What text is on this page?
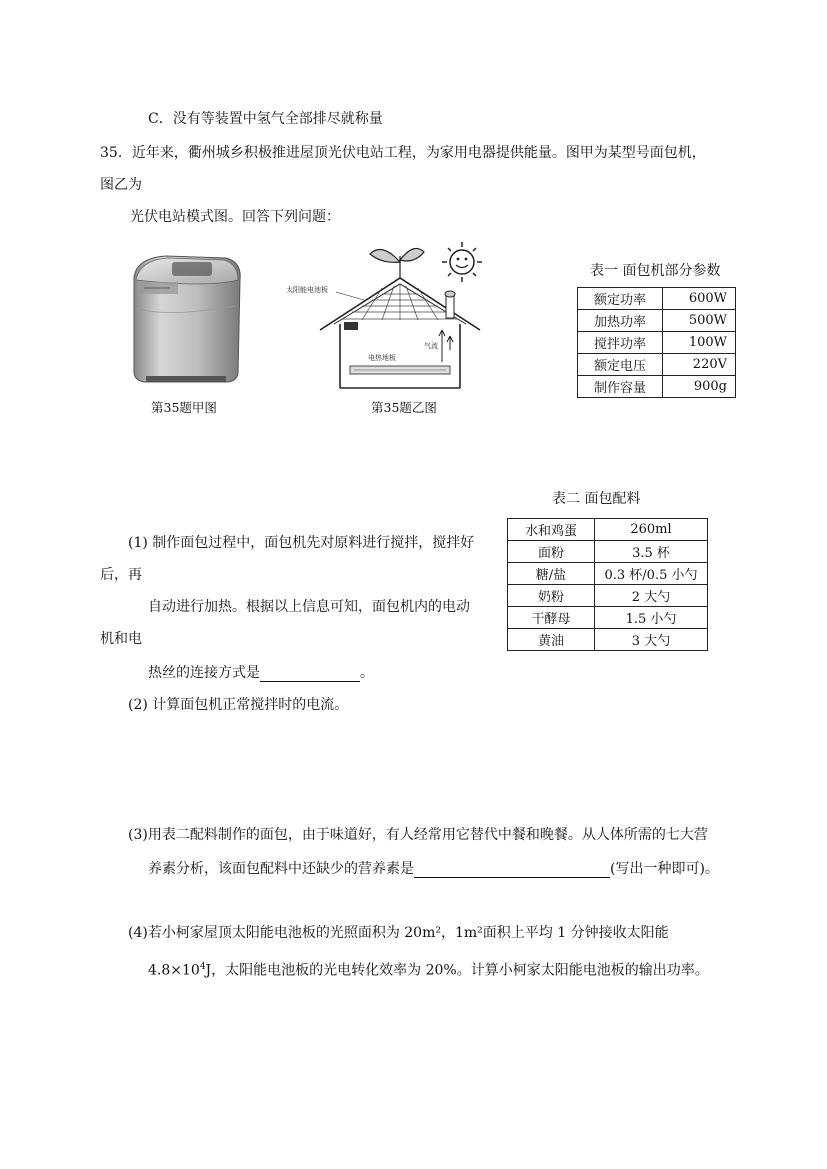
C．没有等装置中氢气全部排尽就称量
35．近年来，衢州城乡积极推进屋顶光伏电站工程，为家用电器提供能量。图甲为某型号面包机，
图乙为
光伏电站模式图。回答下列问题：
第35题甲图
太阳能电池板
电热地板
气流
第35题乙图
表一 面包机部分参数
额定功率	600W
加热功率	500W
搅拌功率	100W
额定电压	220V
制作容量	900g
表二 面包配料
水和鸡蛋	260ml
面粉	3.5 杯
糖/盐	0.3 杯/0.5 小勺
奶粉	2 大勺
干酵母	1.5 小勺
黄油	3 大勺
(1) 制作面包过程中，面包机先对原料进行搅拌，搅拌好
后，再
自动进行加热。根据以上信息可知，面包机内的电动
机和电
热丝的连接方式是	。
(2) 计算面包机正常搅拌时的电流。
(3)用表二配料制作的面包，由于味道好，有人经常用它替代中餐和晚餐。从人体所需的七大营
养素分析，该面包配料中还缺少的营养素是	(写出一种即可)。
(4)若小柯家屋顶太阳能电池板的光照面积为 20m²，1m²面积上平均 1 分钟接收太阳能
$4.8\times 10^4J$，太阳能电池板的光电转化效率为 20%。计算小柯家太阳能电池板的输出功率。
